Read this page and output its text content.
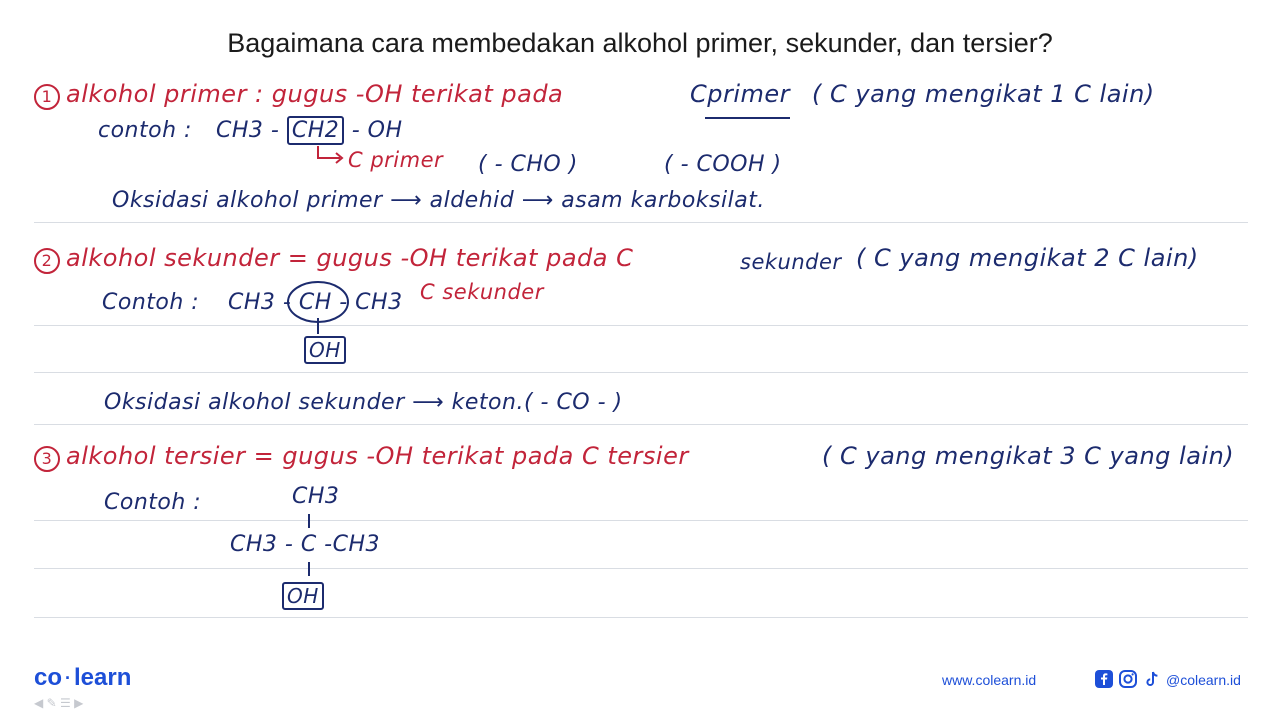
Bagaimana cara membedakan alkohol primer, sekunder, dan tersier?
1 alkohol primer : gugus -OH terikat pada	Cprimer ( C yang mengikat 1 C lain)
contoh : CH3 - CH2 - OH
C primer ( - CHO )	( - COOH )
Oksidasi alkohol primer ⟶ aldehid ⟶ asam karboksilat.
2 alkohol sekunder = gugus -OH terikat pada C	sekunder ( C yang mengikat 2 C lain)
Contoh : CH3 - CH - CH3 C sekunder
OH
Oksidasi alkohol sekunder ⟶ keton.( - CO - )
3 alkohol tersier = gugus -OH terikat pada C tersier	( C yang mengikat 3 C yang lain)
Contoh :	CH3
CH3 - C -CH3
OH
co · learn	www.colearn.id	@colearn.id
◀ ✎ ☰ ▶
